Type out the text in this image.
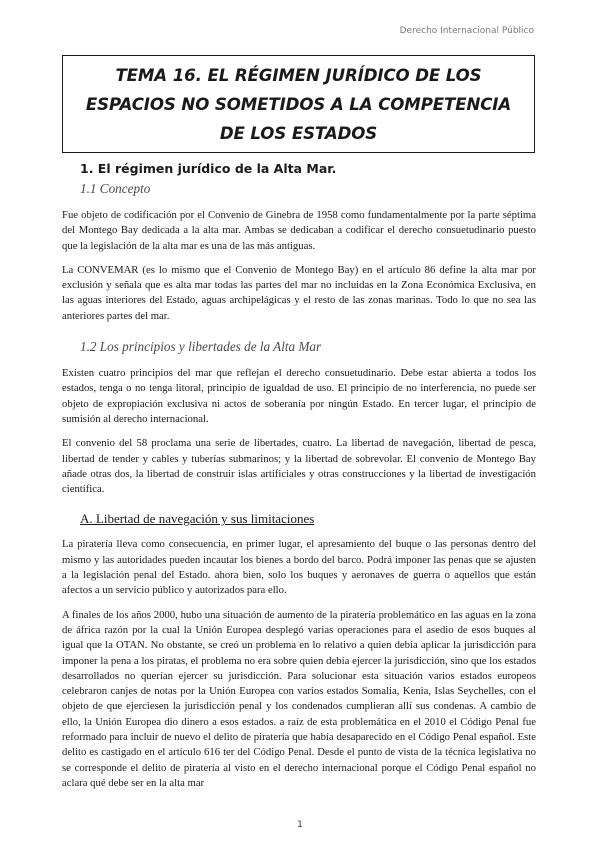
Derecho Internacional Público
TEMA 16. EL RÉGIMEN JURÍDICO DE LOS
ESPACIOS NO SOMETIDOS A LA COMPETENCIA
DE LOS ESTADOS
1. El régimen jurídico de la Alta Mar.
1.1 Concepto

Fue objeto de codificación por el Convenio de Ginebra de 1958 como fundamentalmente por la parte séptima del Montego Bay dedicada a la alta mar. Ambas se dedicaban a codificar el derecho consuetudinario puesto que la legislación de la alta mar es una de las más antiguas.

La CONVEMAR (es lo mismo que el Convenio de Montego Bay) en el artículo 86 define la alta mar por exclusión y señala que es alta mar todas las partes del mar no incluidas en la Zona Económica Exclusiva, en las aguas interiores del Estado, aguas archipelágicas y el resto de las zonas marinas. Todo lo que no sea las anteriores partes del mar.

1.2 Los principios y libertades de la Alta Mar

Existen cuatro principios del mar que reflejan el derecho consuetudinario. Debe estar abierta a todos los estados, tenga o no tenga litoral, principio de igualdad de uso. El principio de no interferencia, no puede ser objeto de expropiación exclusiva ni actos de soberanía por ningún Estado. En tercer lugar, el principio de sumisión al derecho internacional.

El convenio del 58 proclama una serie de libertades, cuatro. La libertad de navegación, libertad de pesca, libertad de tender y cables y tuberías submarinos; y la libertad de sobrevolar. El convenio de Montego Bay añade otras dos, la libertad de construir islas artificiales y otras construcciones y la libertad de investigación científica.

A. Libertad de navegación y sus limitaciones

La piratería lleva como consecuencia, en primer lugar, el apresamiento del buque o las personas dentro del mismo y las autoridades pueden incautar los bienes a bordo del barco. Podrá imponer las penas que se ajusten a la legislación penal del Estado. ahora bien, solo los buques y aeronaves de guerra o aquellos que están afectos a un servicio público y autorizados para ello.

A finales de los años 2000, hubo una situación de aumento de la piratería problemático en las aguas en la zona de áfrica razón por la cual la Unión Europea desplegó varias operaciones para el asedio de esos buques al igual que la OTAN. No obstante, se creó un problema en lo relativo a quien debía aplicar la jurisdicción para imponer la pena a los piratas, el problema no era sobre quien debía ejercer la jurisdicción, sino que los estados desarrollados no querían ejercer su jurisdicción. Para solucionar esta situación varios estados europeos celebraron canjes de notas por la Unión Europea con varios estados Somalia, Kenia, Islas Seychelles, con el objeto de que ejerciesen la jurisdicción penal y los condenados cumplieran allí sus condenas. A cambio de ello, la Unión Europea dio dinero a esos estados. a raíz de esta problemática en el 2010 el Código Penal fue reformado para incluir de nuevo el delito de piratería que había desaparecido en el Código Penal español. Este delito es castigado en el artículo 616 ter del Código Penal. Desde el punto de vista de la técnica legislativa no se corresponde el delito de piratería al visto en el derecho internacional porque el Código Penal español no aclara qué debe ser en la alta mar

1
